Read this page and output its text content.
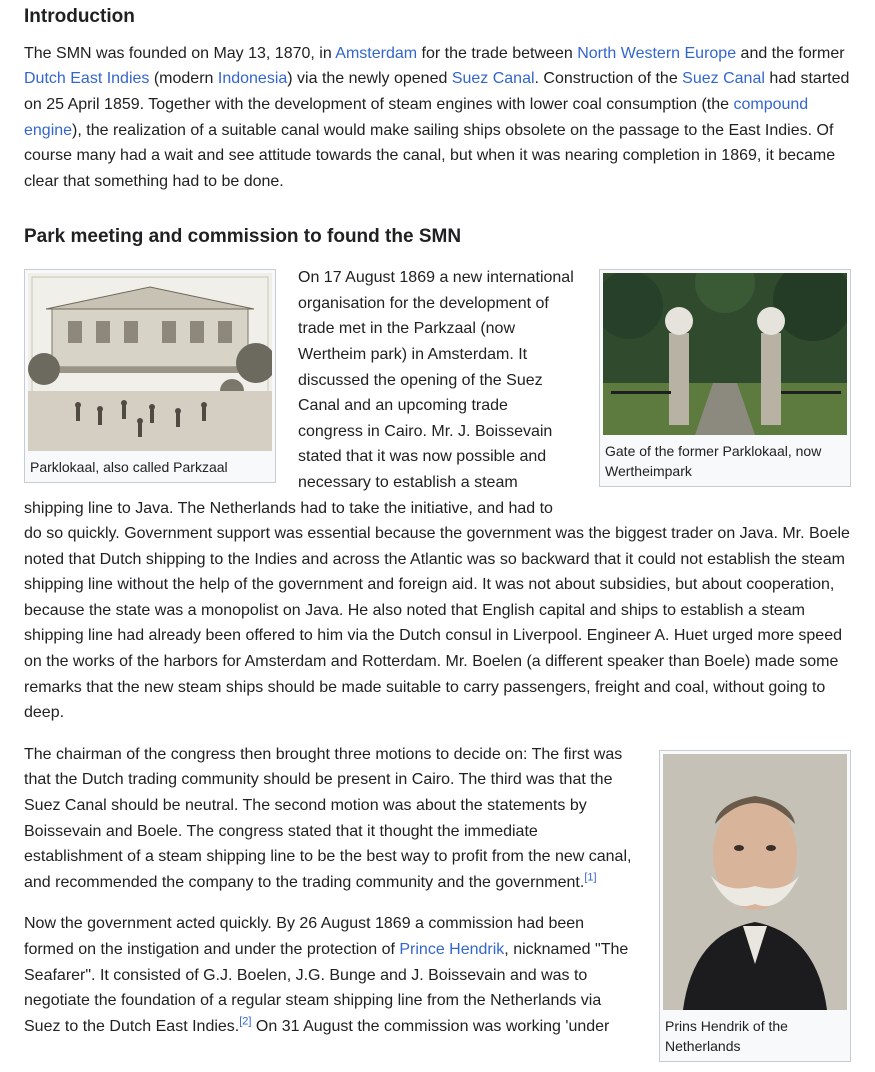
Introduction

The SMN was founded on May 13, 1870, in Amsterdam for the trade between North Western Europe and the former Dutch East Indies (modern Indonesia) via the newly opened Suez Canal. Construction of the Suez Canal had started on 25 April 1859. Together with the development of steam engines with lower coal consumption (the compound engine), the realization of a suitable canal would make sailing ships obsolete on the passage to the East Indies. Of course many had a wait and see attitude towards the canal, but when it was nearing completion in 1869, it became clear that something had to be done.

Park meeting and commission to found the SMN
Parklokaal, also called Parkzaal
Gate of the former Parklokaal, now Wertheimpark

On 17 August 1869 a new international organisation for the development of trade met in the Parkzaal (now Wertheim park) in Amsterdam. It discussed the opening of the Suez Canal and an upcoming trade congress in Cairo. Mr. J. Boissevain stated that it was now possible and necessary to establish a steam shipping line to Java. The Netherlands had to take the initiative, and had to do so quickly. Government support was essential because the government was the biggest trader on Java. Mr. Boele noted that Dutch shipping to the Indies and across the Atlantic was so backward that it could not establish the steam shipping line without the help of the government and foreign aid. It was not about subsidies, but about cooperation, because the state was a monopolist on Java. He also noted that English capital and ships to establish a steam shipping line had already been offered to him via the Dutch consul in Liverpool. Engineer A. Huet urged more speed on the works of the harbors for Amsterdam and Rotterdam. Mr. Boelen (a different speaker than Boele) made some remarks that the new steam ships should be made suitable to carry passengers, freight and coal, without going to deep.

Prins Hendrik of the Netherlands

The chairman of the congress then brought three motions to decide on: The first was that the Dutch trading community should be present in Cairo. The third was that the Suez Canal should be neutral. The second motion was about the statements by Boissevain and Boele. The congress stated that it thought the immediate establishment of a steam shipping line to be the best way to profit from the new canal, and recommended the company to the trading community and the government.[1]

Now the government acted quickly. By 26 August 1869 a commission had been formed on the instigation and under the protection of Prince Hendrik, nicknamed "The Seafarer". It consisted of G.J. Boelen, J.G. Bunge and J. Boissevain and was to negotiate the foundation of a regular steam shipping line from the Netherlands via Suez to the Dutch East Indies.[2] On 31 August the commission was working 'under
